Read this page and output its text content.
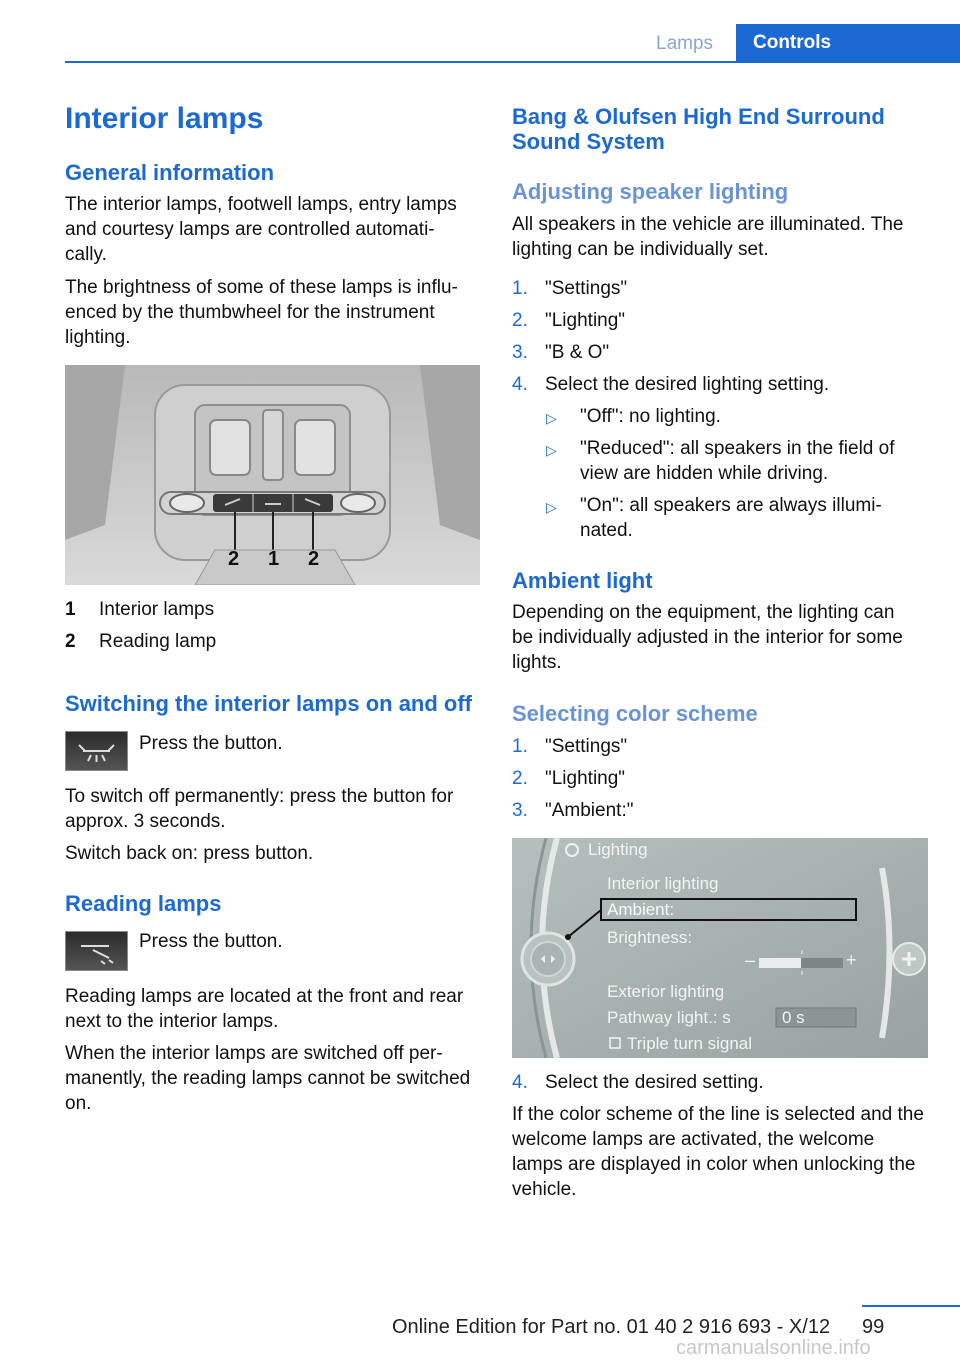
Lamps	Controls
Interior lamps
General information
The interior lamps, footwell lamps, entry lamps
and courtesy lamps are controlled automati‐
cally.
The brightness of some of these lamps is influ‐
enced by the thumbwheel for the instrument
lighting.
2 1 2
1 Interior lamps
2 Reading lamp
Switching the interior lamps on and off
Press the button.
To switch off permanently: press the button for
approx. 3 seconds.
Switch back on: press button.
Reading lamps
Press the button.
Reading lamps are located at the front and rear
next to the interior lamps.
When the interior lamps are switched off per‐
manently, the reading lamps cannot be switched
on.
Bang & Olufsen High End Surround
Sound System
Adjusting speaker lighting
All speakers in the vehicle are illuminated. The
lighting can be individually set.
1. "Settings"
2. "Lighting"
3. "B & O"
4. Select the desired lighting setting.
▷ "Off": no lighting.
▷ "Reduced": all speakers in the field of view are hidden while driving.
▷ "On": all speakers are always illumi‐ nated.
Ambient light
Depending on the equipment, the lighting can
be individually adjusted in the interior for some
lights.
Selecting color scheme
1. "Settings"
2. "Lighting"
3. "Ambient:"
Lighting
Interior lighting
Ambient:
Brightness:
–	+
Exterior lighting
Pathway light.: s	0 s
Triple turn signal
4. Select the desired setting.
If the color scheme of the line is selected and the
welcome lamps are activated, the welcome
lamps are displayed in color when unlocking the
vehicle.
99
Online Edition for Part no. 01 40 2 916 693 - X/12
carmanualsonline.info
